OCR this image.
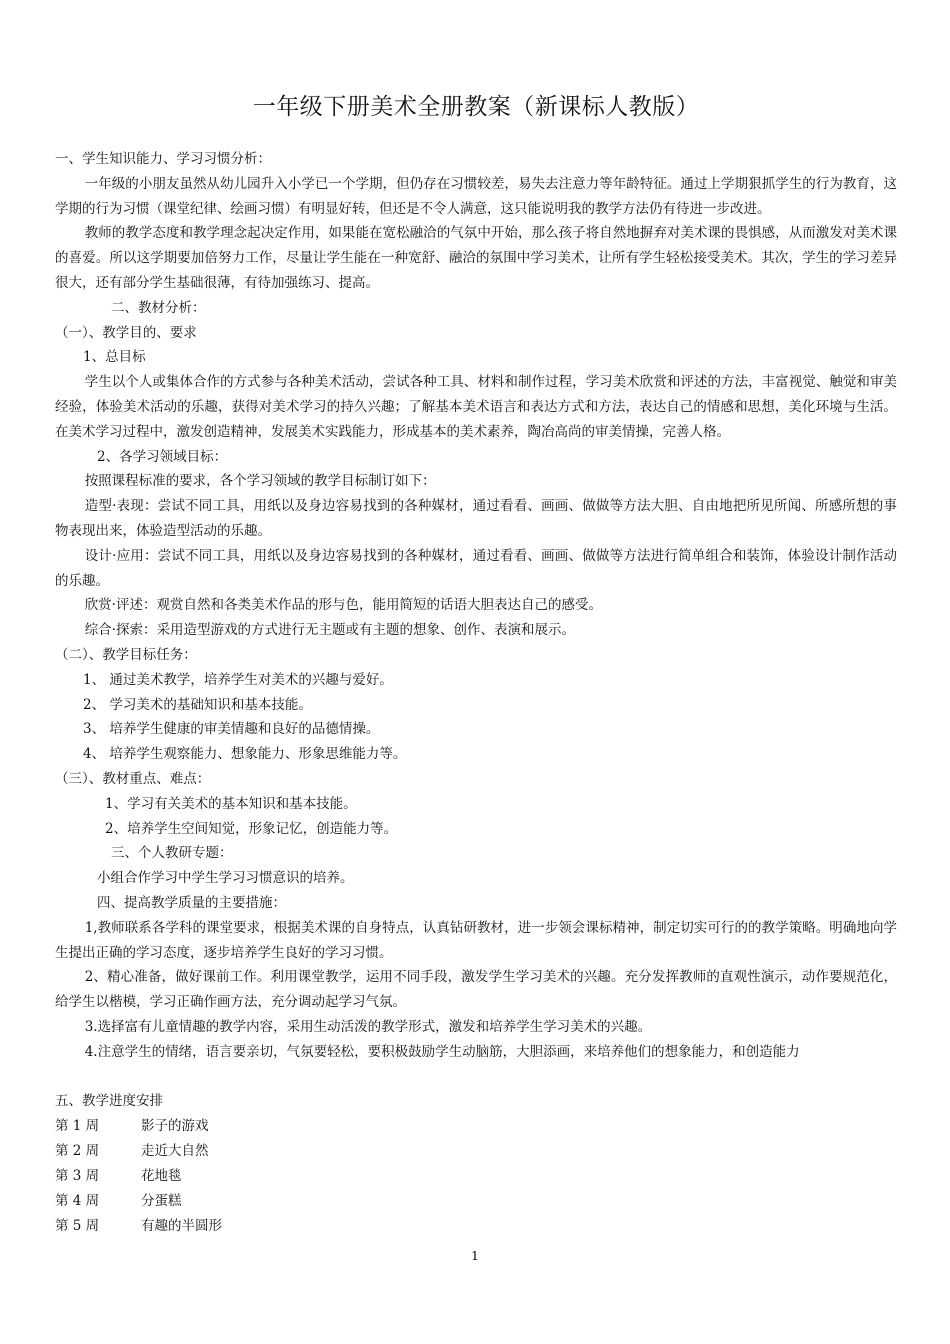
一年级下册美术全册教案（新课标人教版）

一、学生知识能力、学习习惯分析：

一年级的小朋友虽然从幼儿园升入小学已一个学期，但仍存在习惯较差，易失去注意力等年龄特征。通过上学期狠抓学生的行为教育，这学期的行为习惯（课堂纪律、绘画习惯）有明显好转，但还是不令人满意，这只能说明我的教学方法仍有待进一步改进。

教师的教学态度和教学理念起决定作用，如果能在宽松融洽的气氛中开始，那么孩子将自然地摒弃对美术课的畏惧感，从而激发对美术课的喜爱。所以这学期要加倍努力工作，尽量让学生能在一种宽舒、融洽的氛围中学习美术，让所有学生轻松接受美术。其次，学生的学习差异很大，还有部分学生基础很薄，有待加强练习、提高。

二、教材分析：

（一）、教学目的、要求

1、总目标

学生以个人或集体合作的方式参与各种美术活动，尝试各种工具、材料和制作过程，学习美术欣赏和评述的方法，丰富视觉、触觉和审美经验，体验美术活动的乐趣，获得对美术学习的持久兴趣；了解基本美术语言和表达方式和方法，表达自己的情感和思想，美化环境与生活。在美术学习过程中，激发创造精神，发展美术实践能力，形成基本的美术素养，陶冶高尚的审美情操，完善人格。

2、各学习领域目标：

按照课程标准的要求，各个学习领域的教学目标制订如下：

造型·表现：尝试不同工具，用纸以及身边容易找到的各种媒材，通过看看、画画、做做等方法大胆、自由地把所见所闻、所感所想的事物表现出来，体验造型活动的乐趣。

设计·应用：尝试不同工具，用纸以及身边容易找到的各种媒材，通过看看、画画、做做等方法进行简单组合和装饰，体验设计制作活动的乐趣。

欣赏·评述：观赏自然和各类美术作品的形与色，能用简短的话语大胆表达自己的感受。

综合·探索：采用造型游戏的方式进行无主题或有主题的想象、创作、表演和展示。

（二）、教学目标任务：

1、 通过美术教学，培养学生对美术的兴趣与爱好。

2、 学习美术的基础知识和基本技能。

3、 培养学生健康的审美情趣和良好的品德情操。

4、 培养学生观察能力、想象能力、形象思维能力等。

（三）、教材重点、难点：

1、学习有关美术的基本知识和基本技能。

2、培养学生空间知觉，形象记忆，创造能力等。

三、个人教研专题：

小组合作学习中学生学习习惯意识的培养。

四、提高教学质量的主要措施：

1,教师联系各学科的课堂要求，根据美术课的自身特点，认真钻研教材，进一步领会课标精神，制定切实可行的的教学策略。明确地向学生提出正确的学习态度，逐步培养学生良好的学习习惯。

2、精心准备，做好课前工作。利用课堂教学，运用不同手段，激发学生学习美术的兴趣。充分发挥教师的直观性演示，动作要规范化，给学生以楷模，学习正确作画方法，充分调动起学习气氛。

3.选择富有儿童情趣的教学内容，采用生动活泼的教学形式，激发和培养学生学习美术的兴趣。

4.注意学生的情绪，语言要亲切，气氛要轻松，要积极鼓励学生动脑筋，大胆添画，来培养他们的想象能力，和创造能力

五、教学进度安排

第 1 周	影子的游戏
第 2 周	走近大自然
第 3 周	花地毯
第 4 周	分蛋糕
第 5 周	有趣的半圆形
1
